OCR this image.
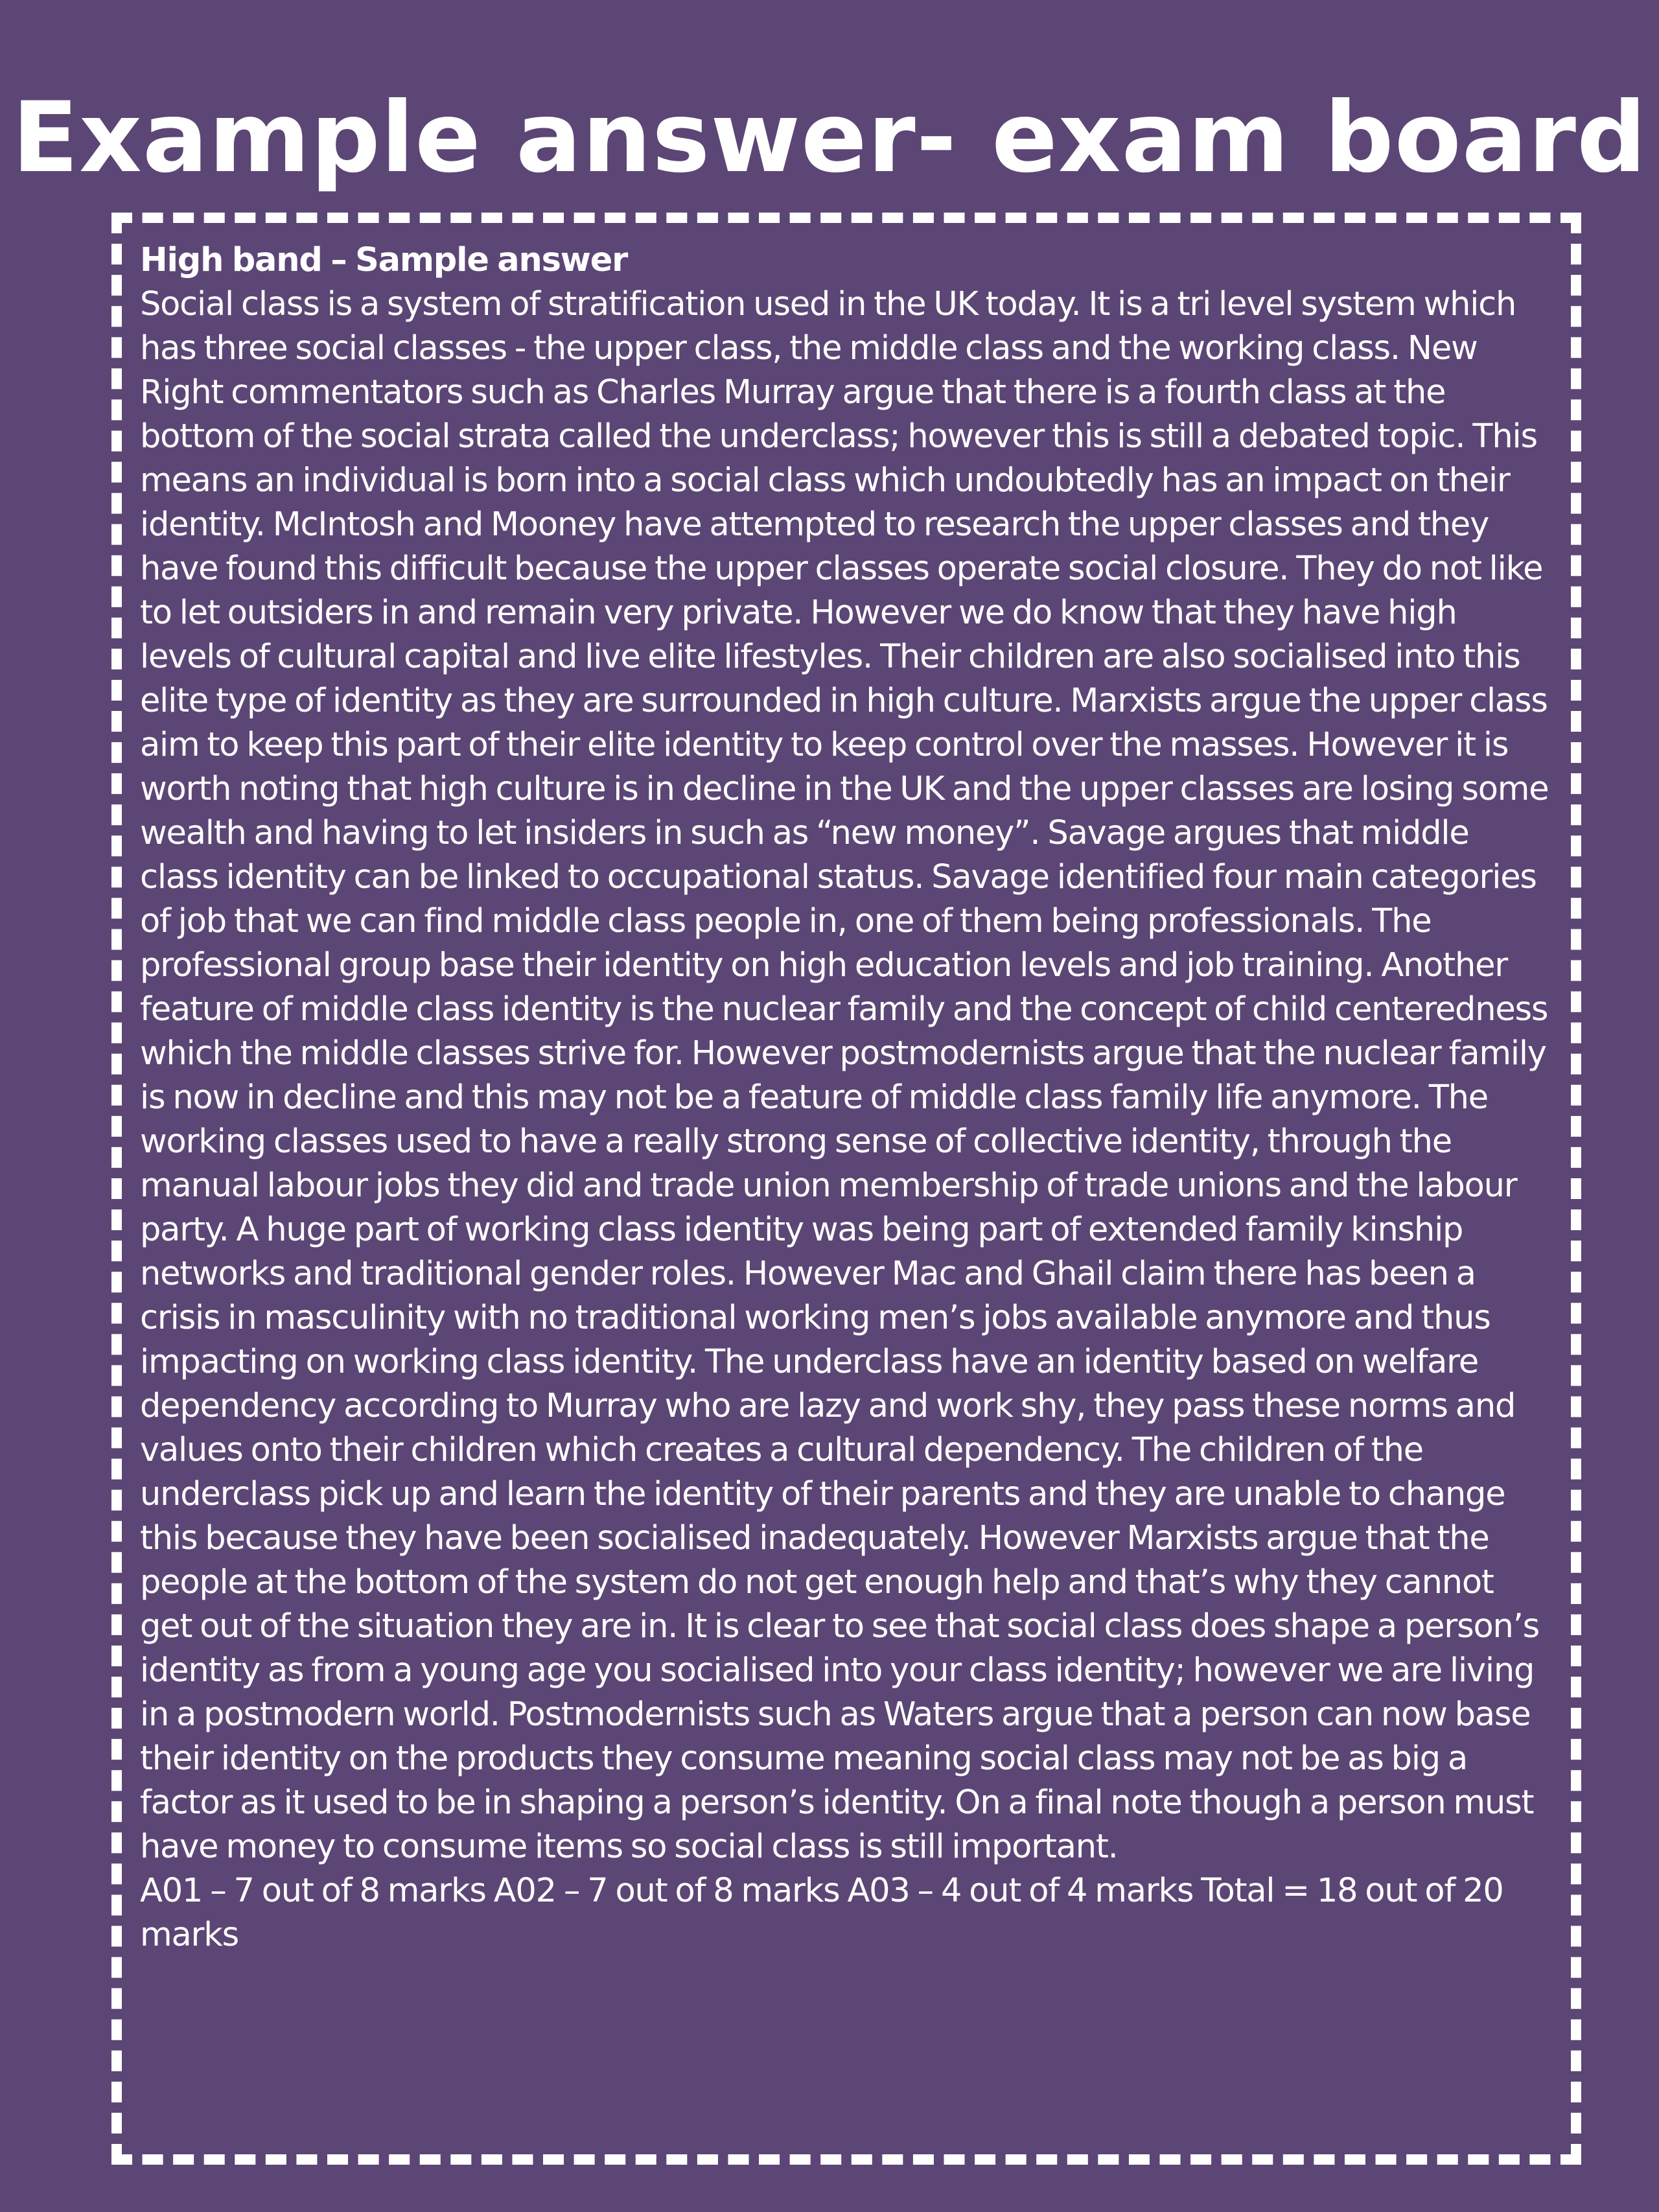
Example answer- exam board

High band – Sample answer

Social class is a system of stratification used in the UK today. It is a tri level system which has three social classes - the upper class, the middle class and the working class. New Right commentators such as Charles Murray argue that there is a fourth class at the bottom of the social strata called the underclass; however this is still a debated topic. This means an individual is born into a social class which undoubtedly has an impact on their identity. McIntosh and Mooney have attempted to research the upper classes and they have found this difficult because the upper classes operate social closure. They do not like to let outsiders in and remain very private. However we do know that they have high levels of cultural capital and live elite lifestyles. Their children are also socialised into this elite type of identity as they are surrounded in high culture. Marxists argue the upper class aim to keep this part of their elite identity to keep control over the masses. However it is worth noting that high culture is in decline in the UK and the upper classes are losing some wealth and having to let insiders in such as “new money”. Savage argues that middle class identity can be linked to occupational status. Savage identified four main categories of job that we can find middle class people in, one of them being professionals. The professional group base their identity on high education levels and job training. Another feature of middle class identity is the nuclear family and the concept of child centeredness which the middle classes strive for. However postmodernists argue that the nuclear family is now in decline and this may not be a feature of middle class family life anymore. The working classes used to have a really strong sense of collective identity, through the manual labour jobs they did and trade union membership of trade unions and the labour party. A huge part of working class identity was being part of extended family kinship networks and traditional gender roles. However Mac and Ghail claim there has been a crisis in masculinity with no traditional working men’s jobs available anymore and thus impacting on working class identity. The underclass have an identity based on welfare dependency according to Murray who are lazy and work shy, they pass these norms and values onto their children which creates a cultural dependency. The children of the underclass pick up and learn the identity of their parents and they are unable to change this because they have been socialised inadequately. However Marxists argue that the people at the bottom of the system do not get enough help and that’s why they cannot get out of the situation they are in. It is clear to see that social class does shape a person’s identity as from a young age you socialised into your class identity; however we are living in a postmodern world. Postmodernists such as Waters argue that a person can now base their identity on the products they consume meaning social class may not be as big a factor as it used to be in shaping a person’s identity. On a final note though a person must have money to consume items so social class is still important.

A01 – 7 out of 8 marks A02 – 7 out of 8 marks A03 – 4 out of 4 marks Total = 18 out of 20 marks
